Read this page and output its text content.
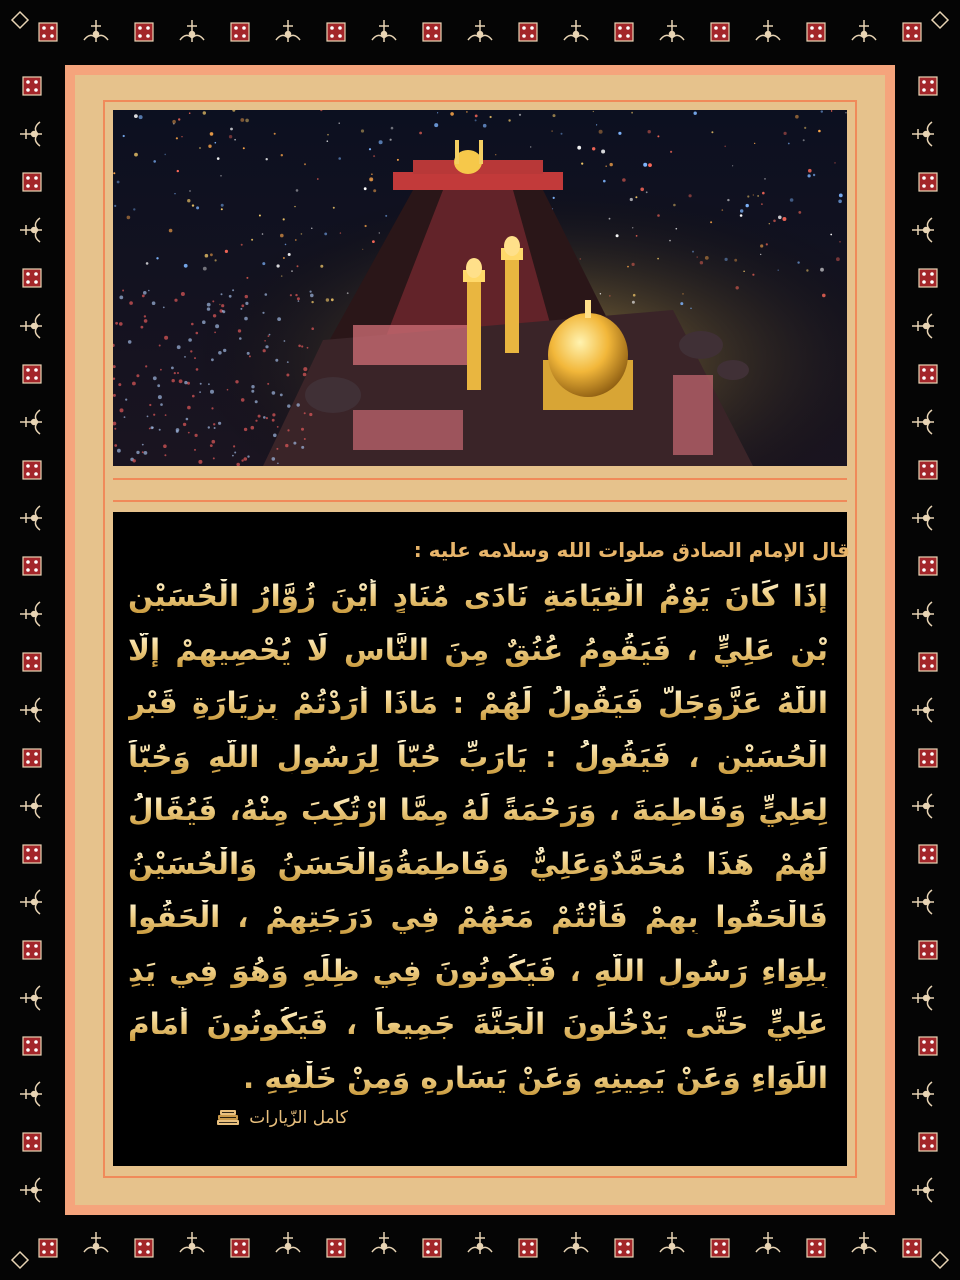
قال الإمام الصادق صلوات الله وسلامه عليه :
إِذَا كَانَ يَوْمُ الْقِيَامَةِ نَادَى مُنَادٍ أَيْنَ زُوَّارُ الْحُسَيْنِ بْنِ عَلِيٍّ ، فَيَقُومُ عُنُقٌ مِنَ النَّاسِ لَا يُحْصِيهِمْ إِلَّا اللَّهُ عَزَّوَجَلَّ فَيَقُولُ لَهُمْ : مَاذَا أَرَدْتُمْ بِزِيَارَةِ قَبْرِ الْحُسَيْنِ ، فَيَقُولُ : يَارَبِّ حُبّاً لِرَسُولِ اللَّهِ وَحُبّاً لِعَلِيٍّ وَفَاطِمَةَ ، وَرَحْمَةً لَهُ مِمَّا ارْتُكِبَ مِنْهُ، فَيُقَالُ لَهُمْ هَذَا مُحَمَّدٌوَعَلِيٌّ وَفَاطِمَةُوَالْحَسَنُ وَالْحُسَيْنُ فَالْحَقُوا بِهِمْ فَأَنْتُمْ مَعَهُمْ فِي دَرَجَتِهِمْ ، الْحَقُوا بِلِوَاءِ رَسُولِ اللَّهِ ، فَيَكُونُونَ فِي ظِلِّهِ وَهُوَ فِي يَدِ عَلِيٍّ حَتَّى يَدْخُلُونَ الْجَنَّةَ جَمِيعاً ، فَيَكُونُونَ أَمَامَ اللِّوَاءِ وَعَنْ يَمِينِهِ وَعَنْ يَسَارِهِ وَمِنْ خَلْفِهِ .
كامل الزّيارات
